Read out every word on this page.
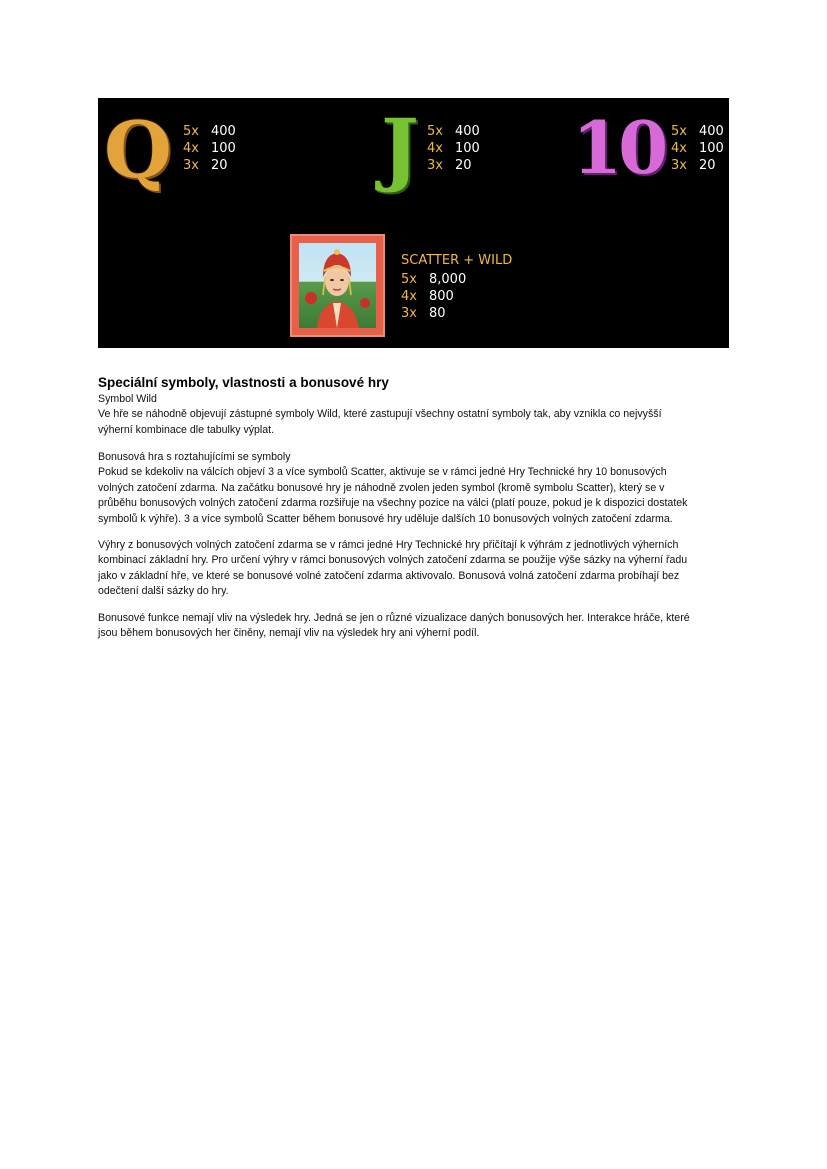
Q 5x 400
4x 100
3x 20 J 5x 400
4x 100
3x 20 10 5x 400
4x 100
3x 20
SCATTER + WILD
5x 8,000
4x 800
3x 80
Speciální symboly, vlastnosti a bonusové hry
Symbol Wild
Ve hře se náhodně objevují zástupné symboly Wild, které zastupují všechny ostatní symboly tak, aby vznikla co nejvyšší
výherní kombinace dle tabulky výplat.
Bonusová hra s roztahujícími se symboly
Pokud se kdekoliv na válcích objeví 3 a více symbolů Scatter, aktivuje se v rámci jedné Hry Technické hry 10 bonusových
volných zatočení zdarma. Na začátku bonusové hry je náhodně zvolen jeden symbol (kromě symbolu Scatter), který se v
průběhu bonusových volných zatočení zdarma rozšiřuje na všechny pozice na válci (platí pouze, pokud je k dispozici dostatek
symbolů k výhře). 3 a více symbolů Scatter během bonusové hry uděluje dalších 10 bonusových volných zatočení zdarma.
Výhry z bonusových volných zatočení zdarma se v rámci jedné Hry Technické hry přičítají k výhrám z jednotlivých výherních
kombinací základní hry. Pro určení výhry v rámci bonusových volných zatočení zdarma se použije výše sázky na výherní řadu
jako v základní hře, ve které se bonusové volné zatočení zdarma aktivovalo. Bonusová volná zatočení zdarma probíhají bez
odečtení další sázky do hry.
Bonusové funkce nemají vliv na výsledek hry. Jedná se jen o různé vizualizace daných bonusových her. Interakce hráče, které
jsou během bonusových her činěny, nemají vliv na výsledek hry ani výherní podíl.
